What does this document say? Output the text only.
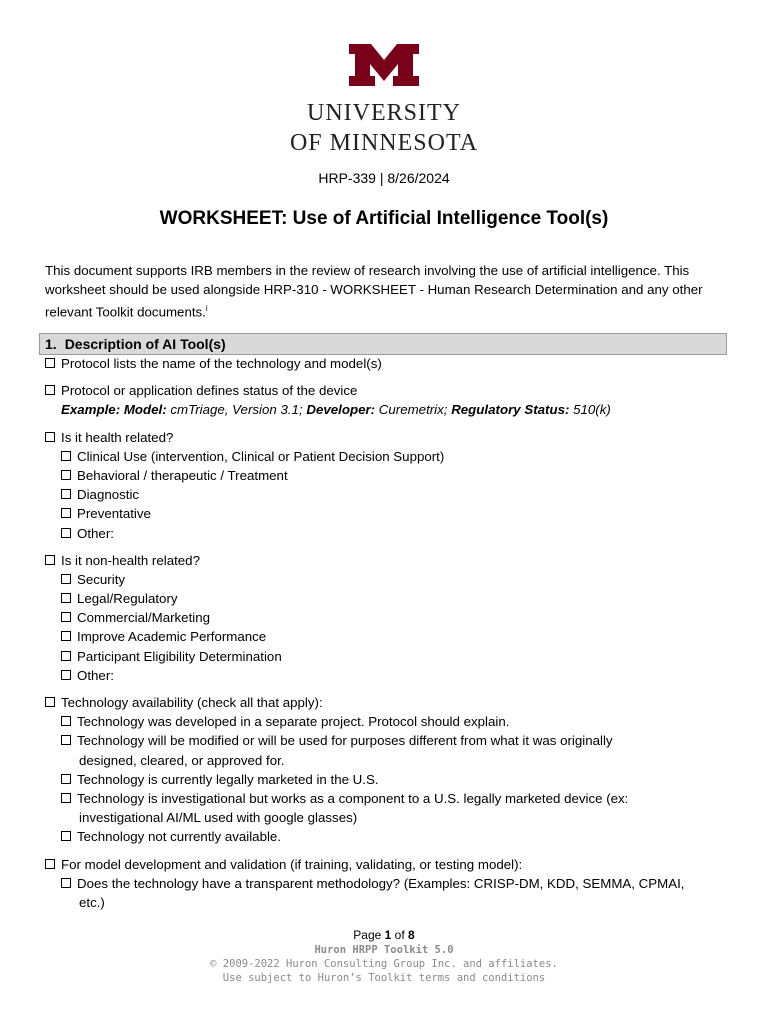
UNIVERSITY
OF MINNESOTA
HRP-339 | 8/26/2024
WORKSHEET: Use of Artificial Intelligence Tool(s)
This document supports IRB members in the review of research involving the use of artificial intelligence. This worksheet should be used alongside HRP-310 - WORKSHEET - Human Research Determination and any other relevant Toolkit documents.$^i$
1. Description of AI Tool(s)
Protocol lists the name of the technology and model(s)
Protocol or application defines status of the device
Example: Model: cmTriage, Version 3.1; Developer: Curemetrix; Regulatory Status: 510(k)
Is it health related?
Clinical Use (intervention, Clinical or Patient Decision Support)
Behavioral / therapeutic / Treatment
Diagnostic
Preventative
Other:
Is it non-health related?
Security
Legal/Regulatory
Commercial/Marketing
Improve Academic Performance
Participant Eligibility Determination
Other:
Technology availability (check all that apply):
Technology was developed in a separate project. Protocol should explain.
Technology will be modified or will be used for purposes different from what it was originally
designed, cleared, or approved for.
Technology is currently legally marketed in the U.S.
Technology is investigational but works as a component to a U.S. legally marketed device (ex:
investigational AI/ML used with google glasses)
Technology not currently available.
For model development and validation (if training, validating, or testing model):
Does the technology have a transparent methodology? (Examples: CRISP-DM, KDD, SEMMA, CPMAI,
etc.)
Page 1 of 8
Huron HRPP Toolkit 5.0
© 2009-2022 Huron Consulting Group Inc. and affiliates.
Use subject to Huron’s Toolkit terms and conditions
